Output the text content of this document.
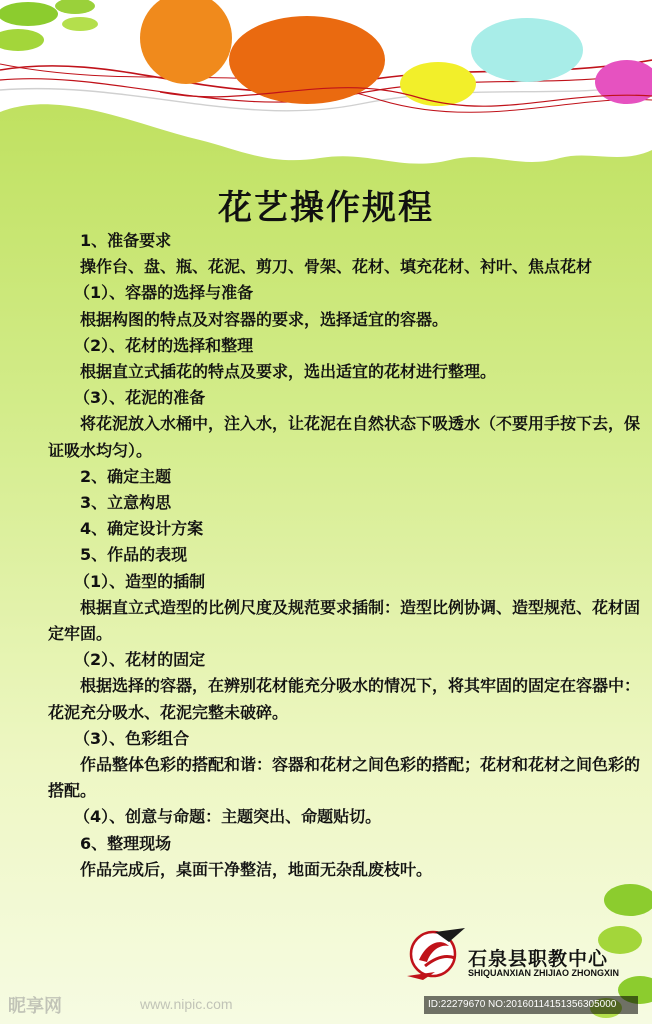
花艺操作规程

1、准备要求

操作台、盘、瓶、花泥、剪刀、骨架、花材、填充花材、衬叶、焦点花材

（1）、容器的选择与准备

根据构图的特点及对容器的要求，选择适宜的容器。

（2）、花材的选择和整理

根据直立式插花的特点及要求，选出适宜的花材进行整理。

（3）、花泥的准备

将花泥放入水桶中，注入水，让花泥在自然状态下吸透水（不要用手按下去，保证吸水均匀）。

2、确定主题

3、立意构思

4、确定设计方案

5、作品的表现

（1）、造型的插制

根据直立式造型的比例尺度及规范要求插制：造型比例协调、造型规范、花材固定牢固。

（2）、花材的固定

根据选择的容器，在辨别花材能充分吸水的情况下，将其牢固的固定在容器中：花泥充分吸水、花泥完整未破碎。

（3）、色彩组合

作品整体色彩的搭配和谐：容器和花材之间色彩的搭配；花材和花材之间色彩的搭配。

（4）、创意与命题：主题突出、命题贴切。

6、整理现场

作品完成后，桌面干净整洁，地面无杂乱废枝叶。

石泉县职教中心
SHIQUANXIAN ZHIJIAO ZHONGXIN
昵享网	www.nipic.com	ID:22279670 NO:20160114151356305000
